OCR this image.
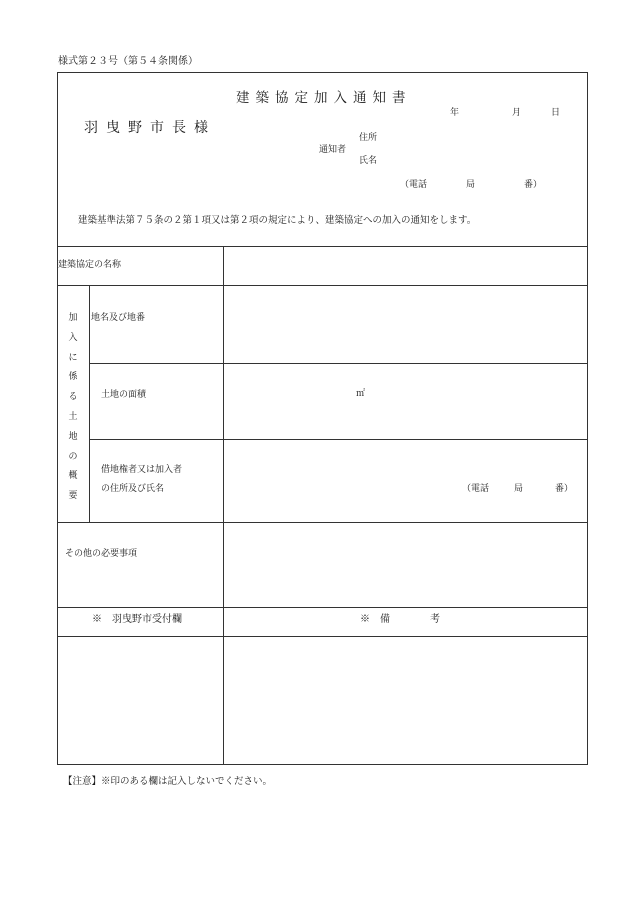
様式第２３号（第５４条関係）
建築協定加入通知書
羽曳野市長様
年	月	日
通知者
住所
氏名
（電話	局	番）
建築基準法第７５条の２第１項又は第２項の規定により、建築協定への加入の通知をします。
建築協定の名称
加
入
に
係
る
土
地
の
概
要
地名及び地番
土地の面積	㎡
借地権者又は加入者
の住所及び氏名	（電話	局	番）
その他の必要事項
※　羽曳野市受付欄	※　備　　　　考
【注意】※印のある欄は記入しないでください。
